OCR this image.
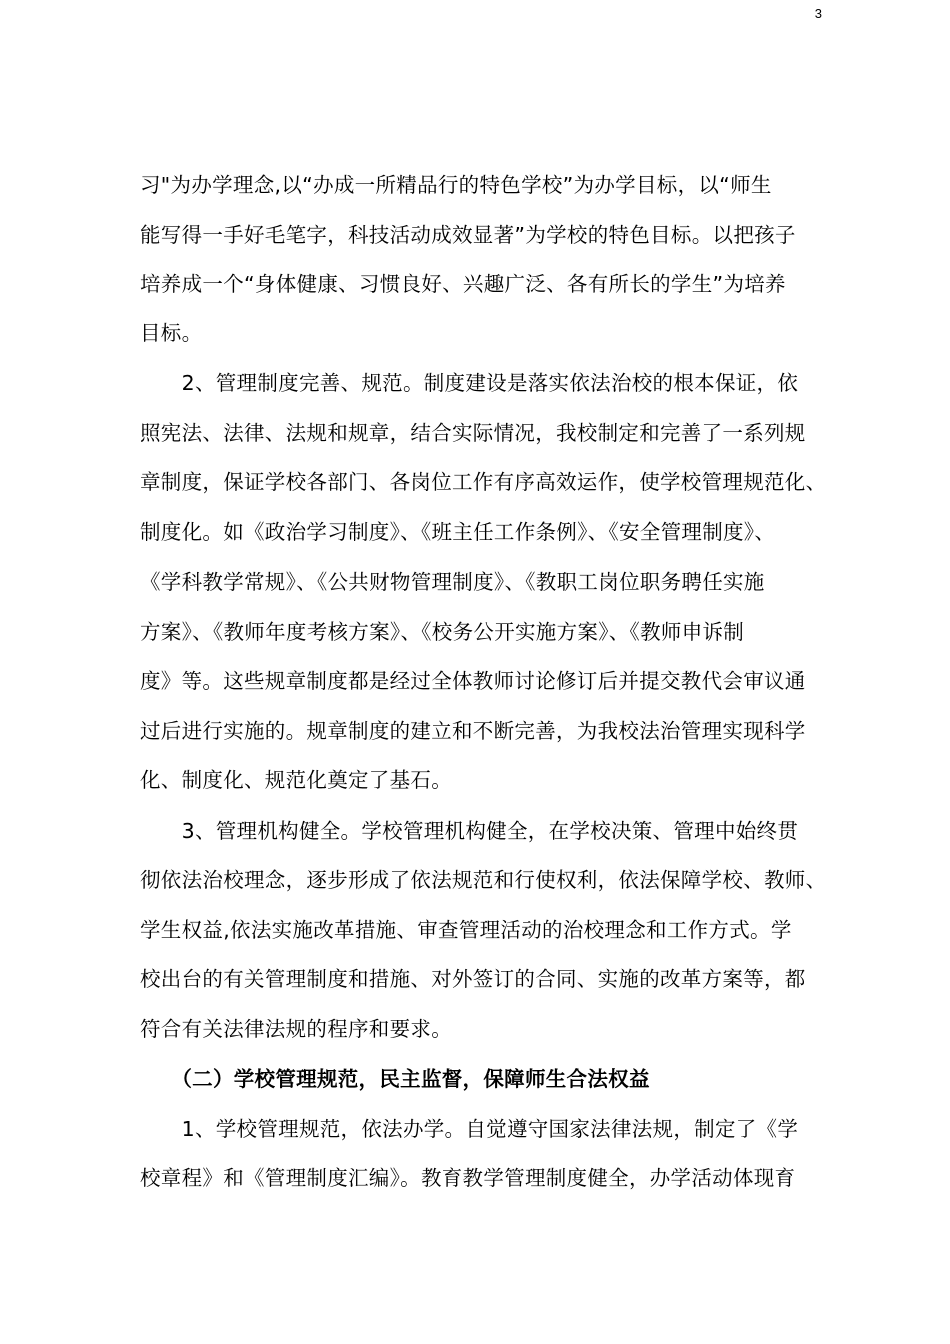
3
习"为办学理念,以“办成一所精品行的特色学校”为办学目标，以“师生
能写得一手好毛笔字，科技活动成效显著”为学校的特色目标。以把孩子
培养成一个“身体健康、习惯良好、兴趣广泛、各有所长的学生”为培养
目标。
　　2、管理制度完善、规范。制度建设是落实依法治校的根本保证，依
照宪法、法律、法规和规章，结合实际情况，我校制定和完善了一系列规
章制度，保证学校各部门、各岗位工作有序高效运作，使学校管理规范化、
制度化。如《政治学习制度》、《班主任工作条例》、《安全管理制度》、
《学科教学常规》、《公共财物管理制度》、《教职工岗位职务聘任实施
方案》、《教师年度考核方案》、《校务公开实施方案》、《教师申诉制
度》等。这些规章制度都是经过全体教师讨论修订后并提交教代会审议通
过后进行实施的。规章制度的建立和不断完善，为我校法治管理实现科学
化、制度化、规范化奠定了基石。
　　3、管理机构健全。学校管理机构健全，在学校决策、管理中始终贯
彻依法治校理念，逐步形成了依法规范和行使权利，依法保障学校、教师、
学生权益,依法实施改革措施、审查管理活动的治校理念和工作方式。学
校出台的有关管理制度和措施、对外签订的合同、实施的改革方案等，都
符合有关法律法规的程序和要求。
　　（二）学校管理规范，民主监督，保障师生合法权益
　　1、学校管理规范，依法办学。自觉遵守国家法律法规，制定了《学
校章程》和《管理制度汇编》。教育教学管理制度健全，办学活动体现育
